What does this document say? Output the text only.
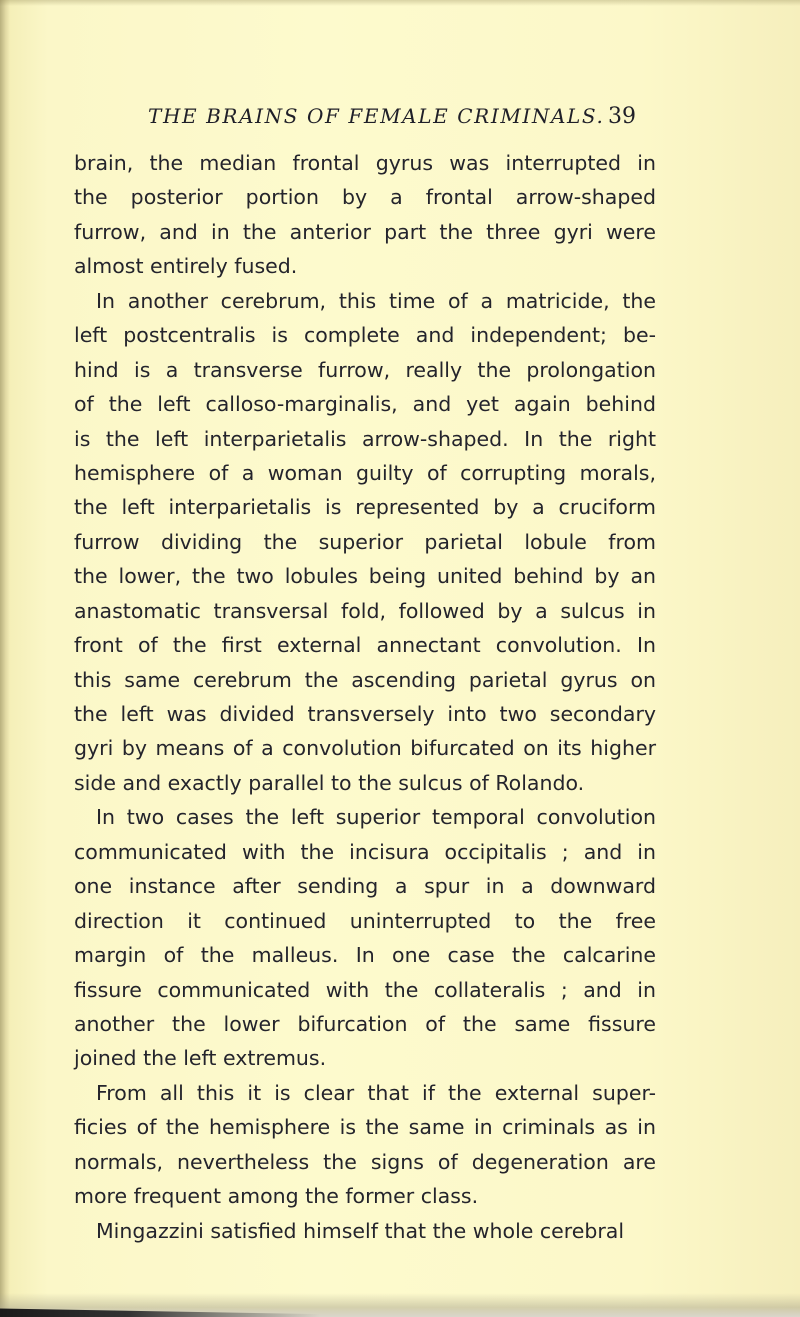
THE BRAINS OF FEMALE CRIMINALS. 39
brain, the median frontal gyrus was interrupted in
the posterior portion by a frontal arrow-shaped
furrow, and in the anterior part the three gyri were
almost entirely fused.
In another cerebrum, this time of a matricide, the
left postcentralis is complete and independent; be-
hind is a transverse furrow, really the prolongation
of the left calloso-marginalis, and yet again behind
is the left interparietalis arrow-shaped. In the right
hemisphere of a woman guilty of corrupting morals,
the left interparietalis is represented by a cruciform
furrow dividing the superior parietal lobule from
the lower, the two lobules being united behind by an
anastomatic transversal fold, followed by a sulcus in
front of the first external annectant convolution. In
this same cerebrum the ascending parietal gyrus on
the left was divided transversely into two secondary
gyri by means of a convolution bifurcated on its higher
side and exactly parallel to the sulcus of Rolando.
In two cases the left superior temporal convolution
communicated with the incisura occipitalis ; and in
one instance after sending a spur in a downward
direction it continued uninterrupted to the free
margin of the malleus. In one case the calcarine
fissure communicated with the collateralis ; and in
another the lower bifurcation of the same fissure
joined the left extremus.
From all this it is clear that if the external super-
ficies of the hemisphere is the same in criminals as in
normals, nevertheless the signs of degeneration are
more frequent among the former class.
Mingazzini satisfied himself that the whole cerebral
